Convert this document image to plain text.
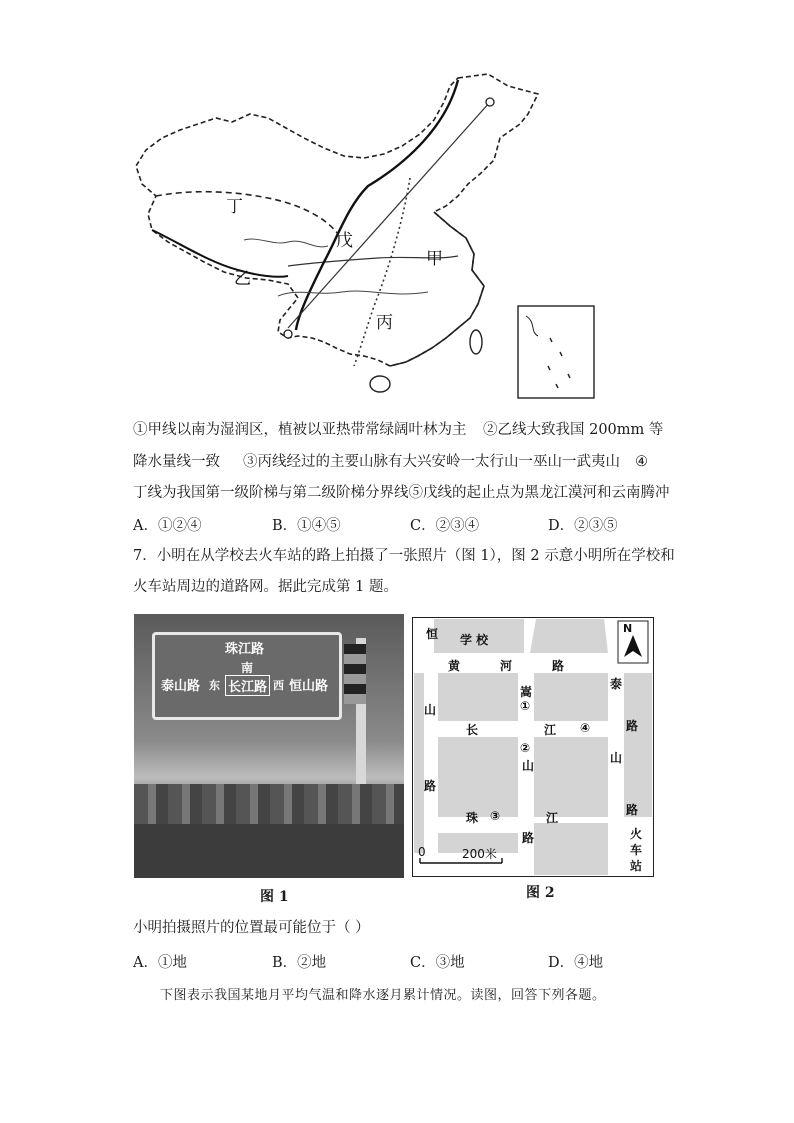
丁
乙
戊
甲
丙
①甲线以南为湿润区，植被以亚热带常绿阔叶林为主 ②乙线大致我国 200mm 等
降水量线一致 ③丙线经过的主要山脉有大兴安岭一太行山一巫山一武夷山 ④
丁线为我国第一级阶梯与第二级阶梯分界线⑤戊线的起止点为黑龙江漠河和云南腾冲
A．①②④	B．①④⑤	C．②③④	D．②③⑤
7．小明在从学校去火车站的路上拍摄了一张照片（图 1），图 2 示意小明所在学校和
火车站周边的道路网。据此完成第 1 题。
珠江路
南
泰山路 东 长江路 西 恒山路
图 1
学 校
恒
黄	河	路
嵩
①
泰
路
山
长	江 ④
②
山
山
路
路
珠 ③	江
路	火
车
站
N
0	200米
图 2
小明拍摄照片的位置最可能位于（ ）
A．①地	B．②地	C．③地	D．④地
下图表示我国某地月平均气温和降水逐月累计情况。读图，回答下列各题。
